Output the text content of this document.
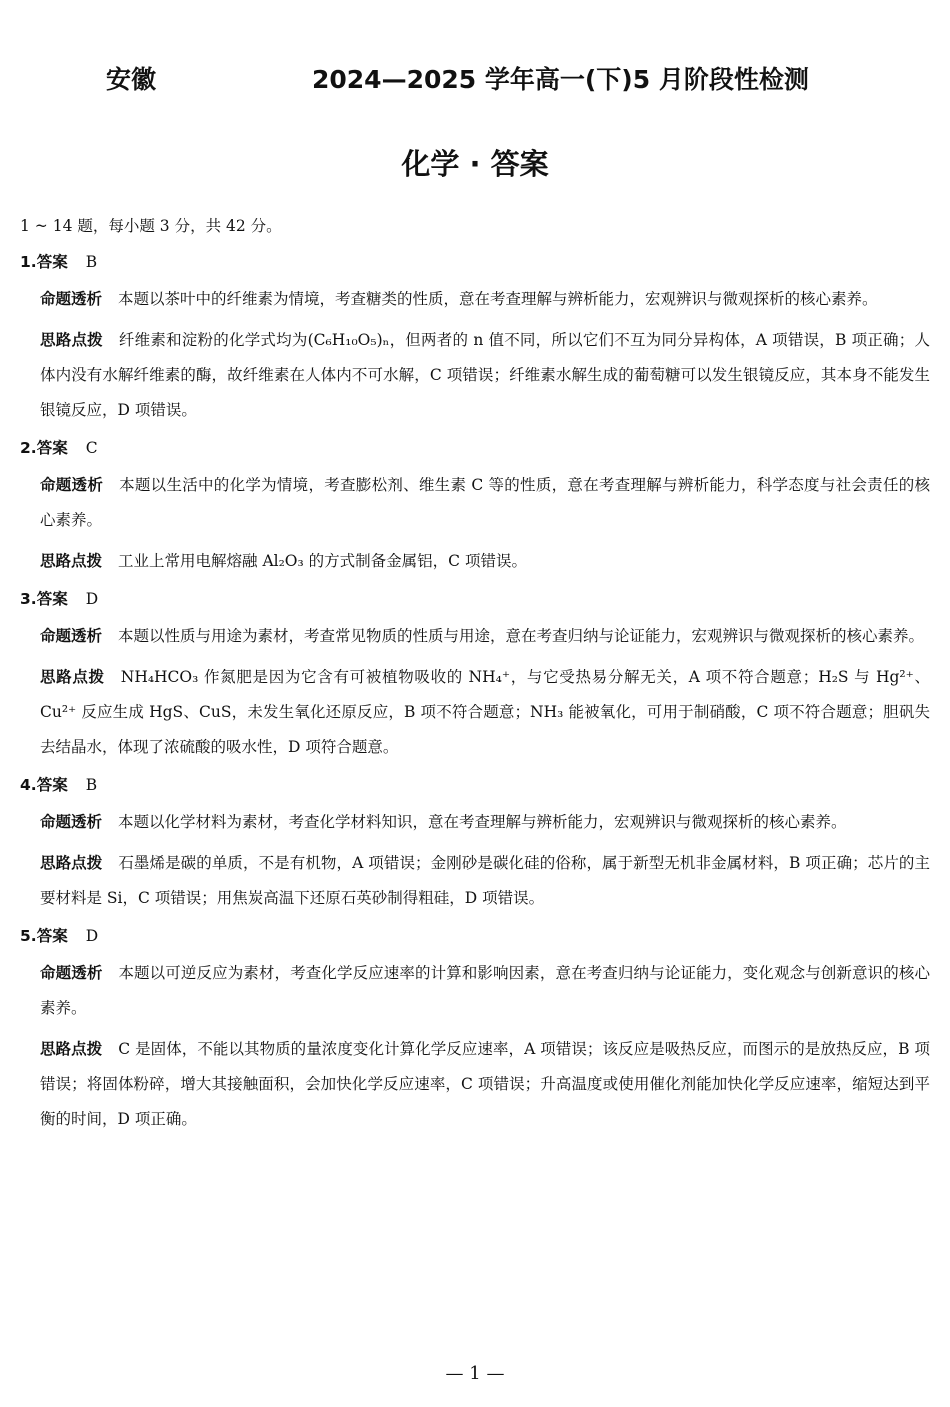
安徽	2024—2025 学年高一(下)5 月阶段性检测
化学 · 答案

1 ~ 14 题，每小题 3 分，共 42 分。

1.答案 B
命题透析 本题以茶叶中的纤维素为情境，考查糖类的性质，意在考查理解与辨析能力，宏观辨识与微观探析的核心素养。
思路点拨 纤维素和淀粉的化学式均为(C₆H₁₀O₅)ₙ，但两者的 n 值不同，所以它们不互为同分异构体，A 项错误，B 项正确；人体内没有水解纤维素的酶，故纤维素在人体内不可水解，C 项错误；纤维素水解生成的葡萄糖可以发生银镜反应，其本身不能发生银镜反应，D 项错误。
2.答案 C
命题透析 本题以生活中的化学为情境，考查膨松剂、维生素 C 等的性质，意在考查理解与辨析能力，科学态度与社会责任的核心素养。
思路点拨 工业上常用电解熔融 Al₂O₃ 的方式制备金属铝，C 项错误。
3.答案 D
命题透析 本题以性质与用途为素材，考查常见物质的性质与用途，意在考查归纳与论证能力，宏观辨识与微观探析的核心素养。
思路点拨 NH₄HCO₃ 作氮肥是因为它含有可被植物吸收的 NH₄⁺，与它受热易分解无关，A 项不符合题意；H₂S 与 Hg²⁺、Cu²⁺ 反应生成 HgS、CuS，未发生氧化还原反应，B 项不符合题意；NH₃ 能被氧化，可用于制硝酸，C 项不符合题意；胆矾失去结晶水，体现了浓硫酸的吸水性，D 项符合题意。
4.答案 B
命题透析 本题以化学材料为素材，考查化学材料知识，意在考查理解与辨析能力，宏观辨识与微观探析的核心素养。
思路点拨 石墨烯是碳的单质，不是有机物，A 项错误；金刚砂是碳化硅的俗称，属于新型无机非金属材料，B 项正确；芯片的主要材料是 Si，C 项错误；用焦炭高温下还原石英砂制得粗硅，D 项错误。
5.答案 D
命题透析 本题以可逆反应为素材，考查化学反应速率的计算和影响因素，意在考查归纳与论证能力，变化观念与创新意识的核心素养。
思路点拨 C 是固体，不能以其物质的量浓度变化计算化学反应速率，A 项错误；该反应是吸热反应，而图示的是放热反应，B 项错误；将固体粉碎，增大其接触面积，会加快化学反应速率，C 项错误；升高温度或使用催化剂能加快化学反应速率，缩短达到平衡的时间，D 项正确。
— 1 —
